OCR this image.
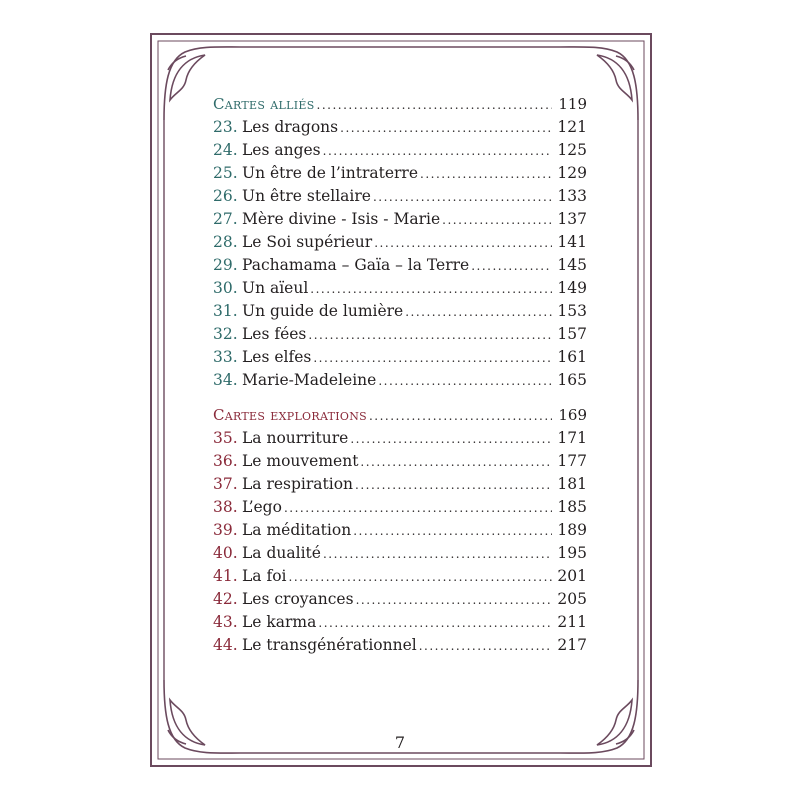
Cartes alliés .....	119
23. Les dragons .....	121
24. Les anges .....	125
25. Un être de l’intraterre .....	129
26. Un être stellaire .....	133
27. Mère divine - Isis - Marie .....	137
28. Le Soi supérieur .....	141
29. Pachamama – Gaïa – la Terre .....	145
30. Un aïeul .....	149
31. Un guide de lumière .....	153
32. Les fées .....	157
33. Les elfes .....	161
34. Marie-Madeleine .....	165
Cartes explorations .....	169
35. La nourriture .....	171
36. Le mouvement .....	177
37. La respiration .....	181
38. L’ego .....	185
39. La méditation .....	189
40. La dualité .....	195
41. La foi .....	201
42. Les croyances .....	205
43. Le karma .....	211
44. Le transgénérationnel .....	217
7
